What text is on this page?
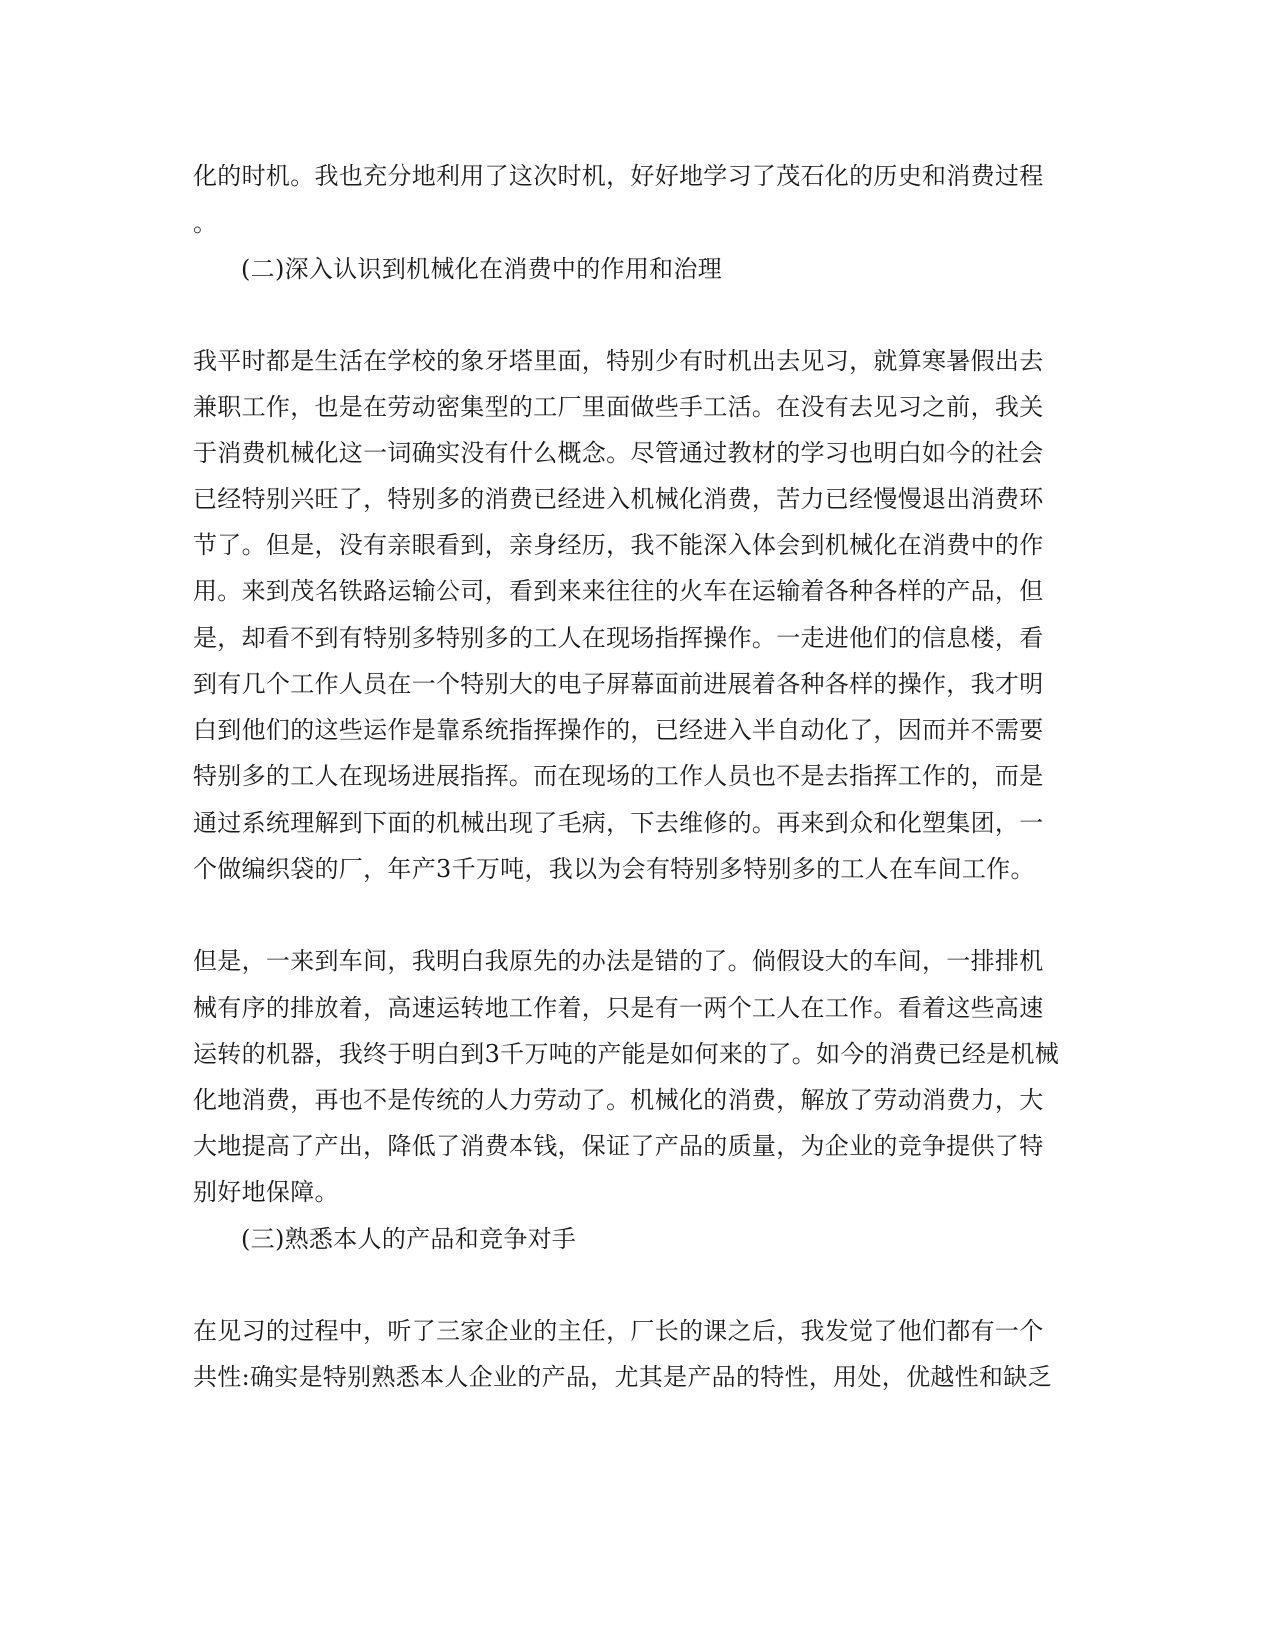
化的时机。我也充分地利用了这次时机，好好地学习了茂石化的历史和消费过程
。
(二)深入认识到机械化在消费中的作用和治理
我平时都是生活在学校的象牙塔里面，特别少有时机出去见习，就算寒暑假出去
兼职工作，也是在劳动密集型的工厂里面做些手工活。在没有去见习之前，我关
于消费机械化这一词确实没有什么概念。尽管通过教材的学习也明白如今的社会
已经特别兴旺了，特别多的消费已经进入机械化消费，苦力已经慢慢退出消费环
节了。但是，没有亲眼看到，亲身经历，我不能深入体会到机械化在消费中的作
用。来到茂名铁路运输公司，看到来来往往的火车在运输着各种各样的产品，但
是，却看不到有特别多特别多的工人在现场指挥操作。一走进他们的信息楼，看
到有几个工作人员在一个特别大的电子屏幕面前进展着各种各样的操作，我才明
白到他们的这些运作是靠系统指挥操作的，已经进入半自动化了，因而并不需要
特别多的工人在现场进展指挥。而在现场的工作人员也不是去指挥工作的，而是
通过系统理解到下面的机械出现了毛病，下去维修的。再来到众和化塑集团，一
个做编织袋的厂，年产3千万吨，我以为会有特别多特别多的工人在车间工作。
但是，一来到车间，我明白我原先的办法是错的了。倘假设大的车间，一排排机
械有序的排放着，高速运转地工作着，只是有一两个工人在工作。看着这些高速
运转的机器，我终于明白到3千万吨的产能是如何来的了。如今的消费已经是机械
化地消费，再也不是传统的人力劳动了。机械化的消费，解放了劳动消费力，大
大地提高了产出，降低了消费本钱，保证了产品的质量，为企业的竞争提供了特
别好地保障。
(三)熟悉本人的产品和竞争对手
在见习的过程中，听了三家企业的主任，厂长的课之后，我发觉了他们都有一个
共性:确实是特别熟悉本人企业的产品，尤其是产品的特性，用处，优越性和缺乏
